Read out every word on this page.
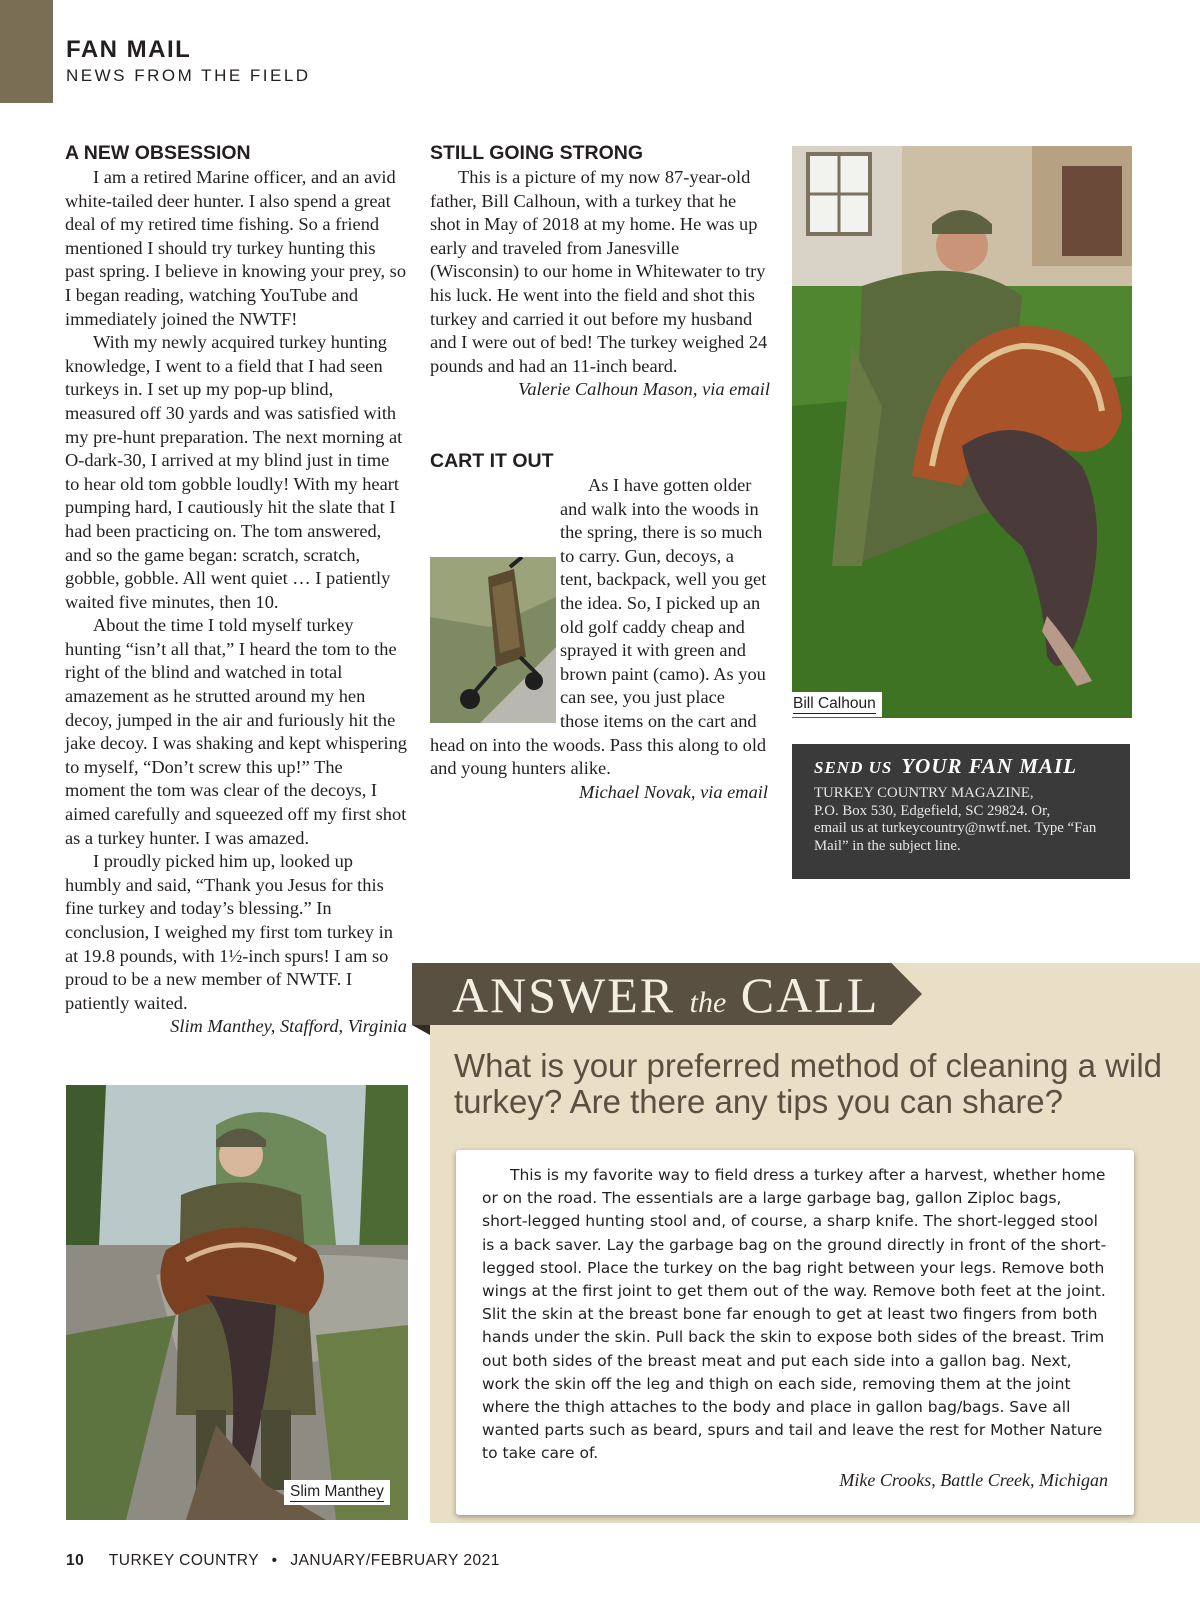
FAN MAIL
NEWS FROM THE FIELD
A NEW OBSESSION

I am a retired Marine officer, and an avid white-tailed deer hunter. I also spend a great deal of my retired time fishing. So a friend mentioned I should try turkey hunting this past spring. I believe in knowing your prey, so I began reading, watching YouTube and immediately joined the NWTF!

With my newly acquired turkey hunting knowledge, I went to a field that I had seen turkeys in. I set up my pop-up blind, measured off 30 yards and was satisfied with my pre-hunt preparation. The next morning at O-dark-30, I arrived at my blind just in time to hear old tom gobble loudly! With my heart pumping hard, I cautiously hit the slate that I had been practicing on. The tom answered, and so the game began: scratch, scratch, gobble, gobble. All went quiet … I patiently waited five minutes, then 10.

About the time I told myself turkey hunting “isn’t all that,” I heard the tom to the right of the blind and watched in total amazement as he strutted around my hen decoy, jumped in the air and furiously hit the jake decoy. I was shaking and kept whispering to myself, “Don’t screw this up!” The moment the tom was clear of the decoys, I aimed carefully and squeezed off my first shot as a turkey hunter. I was amazed.

I proudly picked him up, looked up humbly and said, “Thank you Jesus for this fine turkey and today’s blessing.” In conclusion, I weighed my first tom turkey in at 19.8 pounds, with 1½-inch spurs! I am so proud to be a new member of NWTF. I patiently waited.

Slim Manthey, Stafford, Virginia
Slim Manthey
STILL GOING STRONG

This is a picture of my now 87-year-old father, Bill Calhoun, with a turkey that he shot in May of 2018 at my home. He was up early and traveled from Janesville (Wisconsin) to our home in Whitewater to try his luck. He went into the field and shot this turkey and carried it out before my husband and I were out of bed! The turkey weighed 24 pounds and had an 11-inch beard.

Valerie Calhoun Mason, via email
CART IT OUT

As I have gotten older and walk into the woods in the spring, there is so much to carry. Gun, decoys, a tent, backpack, well you get the idea. So, I picked up an old golf caddy cheap and sprayed it with green and brown paint (camo). As you can see, you just place those items on the cart and head on into the woods. Pass this along to old and young hunters alike.

Michael Novak, via email
Bill Calhoun
SEND US YOUR FAN MAIL
TURKEY COUNTRY MAGAZINE,
P.O. Box 530, Edgefield, SC 29824. Or,
email us at turkeycountry@nwtf.net. Type “Fan Mail” in the subject line.
ANSWER the CALL
What is your preferred method of cleaning a wild turkey? Are there any tips you can share?

This is my favorite way to field dress a turkey after a harvest, whether home or on the road. The essentials are a large garbage bag, gallon Ziploc bags, short-legged hunting stool and, of course, a sharp knife. The short-legged stool is a back saver. Lay the garbage bag on the ground directly in front of the short-legged stool. Place the turkey on the bag right between your legs. Remove both wings at the first joint to get them out of the way. Remove both feet at the joint. Slit the skin at the breast bone far enough to get at least two fingers from both hands under the skin. Pull back the skin to expose both sides of the breast. Trim out both sides of the breast meat and put each side into a gallon bag. Next, work the skin off the leg and thigh on each side, removing them at the joint where the thigh attaches to the body and place in gallon bag/bags. Save all wanted parts such as beard, spurs and tail and leave the rest for Mother Nature to take care of.

Mike Crooks, Battle Creek, Michigan
10 TURKEY COUNTRY • JANUARY/FEBRUARY 2021
